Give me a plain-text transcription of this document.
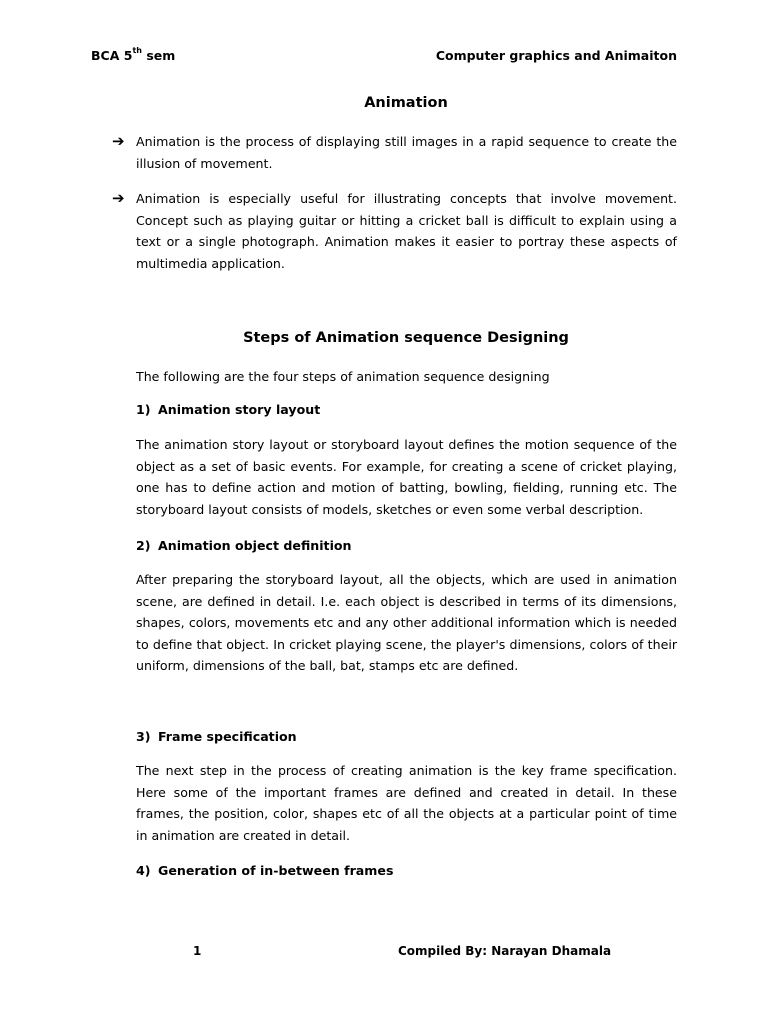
BCA 5th sem	Computer graphics and Animaiton
Animation
➔ Animation is the process of displaying still images in a rapid sequence to create the illusion of movement.
➔ Animation is especially useful for illustrating concepts that involve movement. Concept such as playing guitar or hitting a cricket ball is difficult to explain using a text or a single photograph. Animation makes it easier to portray these aspects of multimedia application.
Steps of Animation sequence Designing
The following are the four steps of animation sequence designing
1) Animation story layout
The animation story layout or storyboard layout defines the motion sequence of the object as a set of basic events. For example, for creating a scene of cricket playing, one has to define action and motion of batting, bowling, fielding, running etc. The storyboard layout consists of models, sketches or even some verbal description.
2) Animation object definition
After preparing the storyboard layout, all the objects, which are used in animation scene, are defined in detail. I.e. each object is described in terms of its dimensions, shapes, colors, movements etc and any other additional information which is needed to define that object. In cricket playing scene, the player's dimensions, colors of their uniform, dimensions of the ball, bat, stamps etc are defined.
3) Frame specification
The next step in the process of creating animation is the key frame specification. Here some of the important frames are defined and created in detail. In these frames, the position, color, shapes etc of all the objects at a particular point of time in animation are created in detail.
4) Generation of in-between frames
1	Compiled By: Narayan Dhamala
